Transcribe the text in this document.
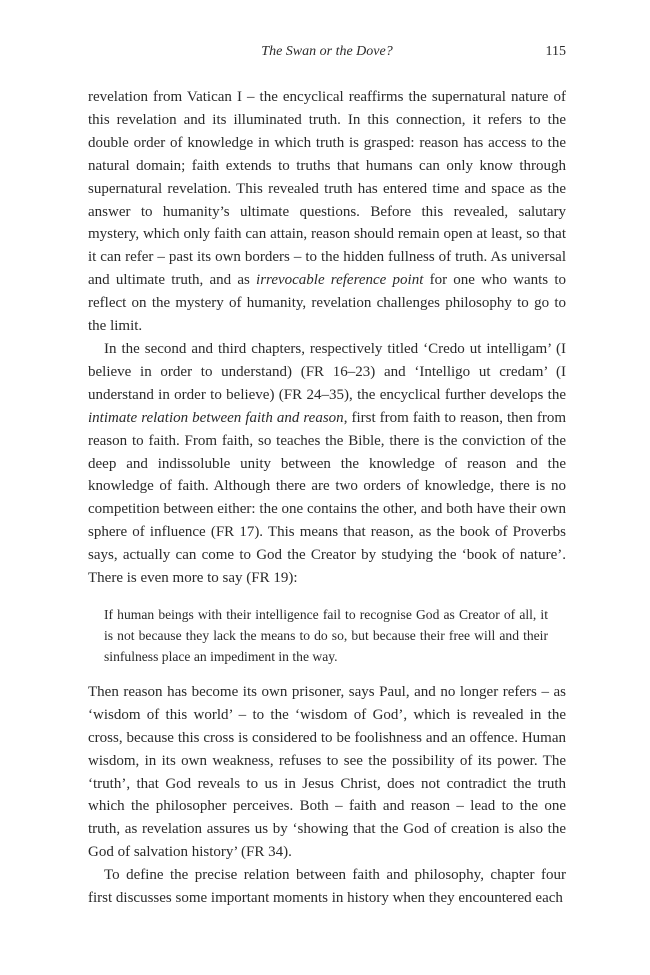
The Swan or the Dove?	115

revelation from Vatican I – the encyclical reaffirms the supernatural nature of this revelation and its illuminated truth. In this connection, it refers to the double order of knowledge in which truth is grasped: reason has access to the natural domain; faith extends to truths that humans can only know through supernatural revelation. This revealed truth has entered time and space as the answer to humanity’s ultimate questions. Before this revealed, salutary mystery, which only faith can attain, reason should remain open at least, so that it can refer – past its own borders – to the hidden fullness of truth. As universal and ultimate truth, and as irrevocable reference point for one who wants to reflect on the mystery of humanity, revelation challenges philosophy to go to the limit.

In the second and third chapters, respectively titled ‘Credo ut intelligam’ (I believe in order to understand) (FR 16–23) and ‘Intelligo ut credam’ (I understand in order to believe) (FR 24–35), the encyclical further develops the intimate relation between faith and reason, first from faith to reason, then from reason to faith. From faith, so teaches the Bible, there is the conviction of the deep and indissoluble unity between the knowledge of reason and the knowledge of faith. Although there are two orders of knowledge, there is no competition between either: the one contains the other, and both have their own sphere of influence (FR 17). This means that reason, as the book of Proverbs says, actually can come to God the Creator by studying the ‘book of nature’. There is even more to say (FR 19):

If human beings with their intelligence fail to recognise God as Creator of all, it is not because they lack the means to do so, but because their free will and their sinfulness place an impediment in the way.

Then reason has become its own prisoner, says Paul, and no longer refers – as ‘wisdom of this world’ – to the ‘wisdom of God’, which is revealed in the cross, because this cross is considered to be foolishness and an offence. Human wisdom, in its own weakness, refuses to see the possibility of its power. The ‘truth’, that God reveals to us in Jesus Christ, does not contradict the truth which the philosopher perceives. Both – faith and reason – lead to the one truth, as revelation assures us by ‘showing that the God of creation is also the God of salvation history’ (FR 34).

To define the precise relation between faith and philosophy, chapter four first discusses some important moments in history when they encountered each
